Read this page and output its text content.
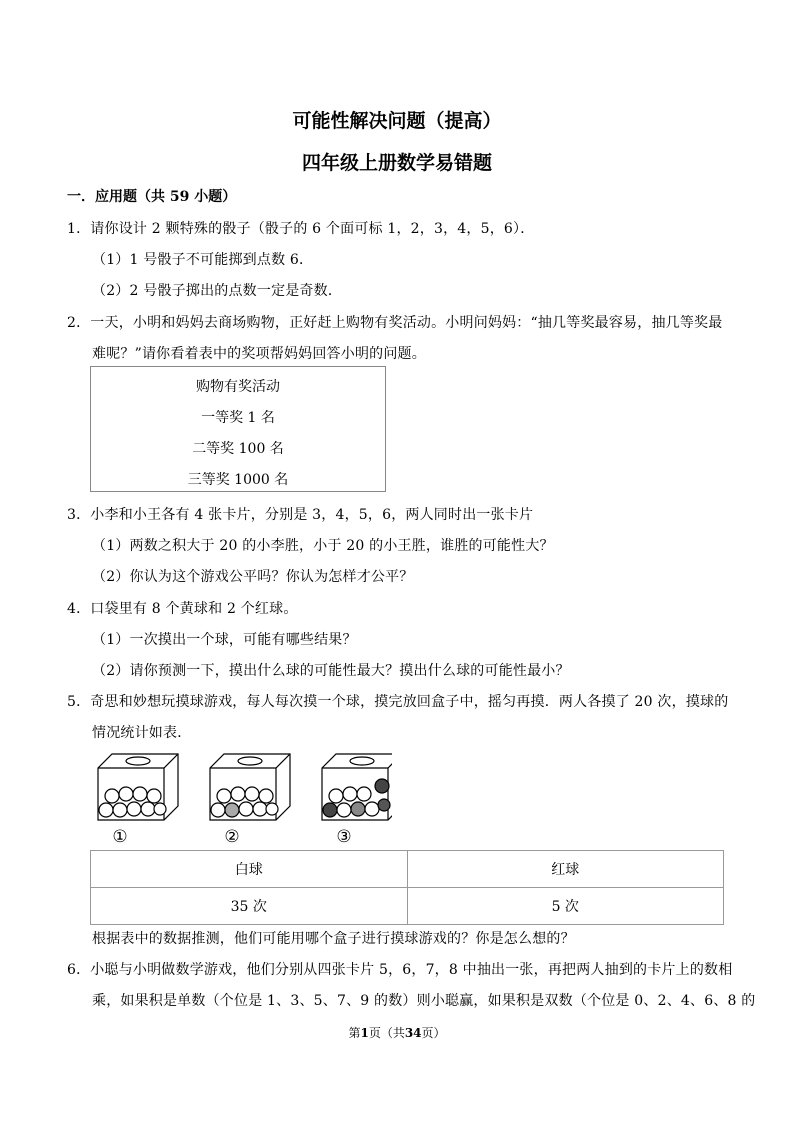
可能性解决问题（提高）
四年级上册数学易错题
一．应用题（共 59 小题）
1．请你设计 2 颗特殊的骰子（骰子的 6 个面可标 1，2，3，4，5，6）．
（1）1 号骰子不可能掷到点数 6．
（2）2 号骰子掷出的点数一定是奇数．
2．一天，小明和妈妈去商场购物，正好赶上购物有奖活动。小明问妈妈：“抽几等奖最容易，抽几等奖最
难呢？”请你看着表中的奖项帮妈妈回答小明的问题。
购物有奖活动
一等奖 1 名
二等奖 100 名
三等奖 1000 名
3．小李和小王各有 4 张卡片，分别是 3，4，5，6，两人同时出一张卡片
（1）两数之积大于 20 的小李胜，小于 20 的小王胜，谁胜的可能性大？
（2）你认为这个游戏公平吗？你认为怎样才公平？
4．口袋里有 8 个黄球和 2 个红球。
（1）一次摸出一个球，可能有哪些结果？
（2）请你预测一下，摸出什么球的可能性最大？摸出什么球的可能性最小？
5．奇思和妙想玩摸球游戏，每人每次摸一个球，摸完放回盒子中，摇匀再摸．两人各摸了 20 次，摸球的
情况统计如表．
①	②	③
白球	红球
35 次	5 次
根据表中的数据推测，他们可能用哪个盒子进行摸球游戏的？你是怎么想的？
6．小聪与小明做数学游戏，他们分别从四张卡片 5，6，7，8 中抽出一张，再把两人抽到的卡片上的数相
乘，如果积是单数（个位是 1、3、5、7、9 的数）则小聪赢，如果积是双数（个位是 0、2、4、6、8 的
第1页（共34页）
